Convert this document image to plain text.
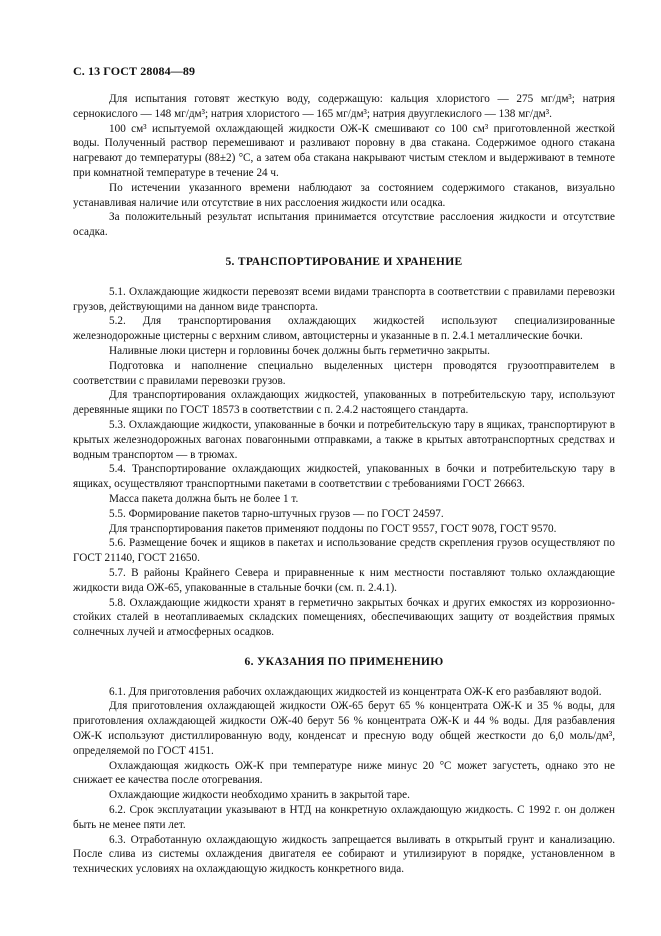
С. 13 ГОСТ 28084—89

Для испытания готовят жесткую воду, содержащую: кальция хлористого — 275 мг/дм³; натрия сернокислого — 148 мг/дм³; натрия хлористого — 165 мг/дм³; натрия двууглекислого — 138 мг/дм³.

100 см³ испытуемой охлаждающей жидкости ОЖ-К смешивают со 100 см³ приготовленной жесткой воды. Полученный раствор перемешивают и разливают поровну в два стакана. Содержимое одного стакана нагревают до температуры (88±2) °С, а затем оба стакана накрывают чистым стеклом и выдерживают в темноте при комнатной температуре в течение 24 ч.

По истечении указанного времени наблюдают за состоянием содержимого стаканов, визуально устанавливая наличие или отсутствие в них расслоения жидкости или осадка.

За положительный результат испытания принимается отсутствие расслоения жидкости и отсутствие осадка.

5. ТРАНСПОРТИРОВАНИЕ И ХРАНЕНИЕ

5.1. Охлаждающие жидкости перевозят всеми видами транспорта в соответствии с правилами перевозки грузов, действующими на данном виде транспорта.

5.2. Для транспортирования охлаждающих жидкостей используют специализированные железнодорожные цистерны с верхним сливом, автоцистерны и указанные в п. 2.4.1 металлические бочки.

Наливные люки цистерн и горловины бочек должны быть герметично закрыты.

Подготовка и наполнение специально выделенных цистерн проводятся грузоотправителем в соответствии с правилами перевозки грузов.

Для транспортирования охлаждающих жидкостей, упакованных в потребительскую тару, используют деревянные ящики по ГОСТ 18573 в соответствии с п. 2.4.2 настоящего стандарта.

5.3. Охлаждающие жидкости, упакованные в бочки и потребительскую тару в ящиках, транспортируют в крытых железнодорожных вагонах повагонными отправками, а также в крытых автотранспортных средствах и водным транспортом — в трюмах.

5.4. Транспортирование охлаждающих жидкостей, упакованных в бочки и потребительскую тару в ящиках, осуществляют транспортными пакетами в соответствии с требованиями ГОСТ 26663.

Масса пакета должна быть не более 1 т.

5.5. Формирование пакетов тарно-штучных грузов — по ГОСТ 24597.

Для транспортирования пакетов применяют поддоны по ГОСТ 9557, ГОСТ 9078, ГОСТ 9570.

5.6. Размещение бочек и ящиков в пакетах и использование средств скрепления грузов осуществляют по ГОСТ 21140, ГОСТ 21650.

5.7. В районы Крайнего Севера и приравненные к ним местности поставляют только охлаждающие жидкости вида ОЖ-65, упакованные в стальные бочки (см. п. 2.4.1).

5.8. Охлаждающие жидкости хранят в герметично закрытых бочках и других емкостях из коррозионно-стойких сталей в неотапливаемых складских помещениях, обеспечивающих защиту от воздействия прямых солнечных лучей и атмосферных осадков.

6. УКАЗАНИЯ ПО ПРИМЕНЕНИЮ

6.1. Для приготовления рабочих охлаждающих жидкостей из концентрата ОЖ-К его разбавляют водой.

Для приготовления охлаждающей жидкости ОЖ-65 берут 65 % концентрата ОЖ-К и 35 % воды, для приготовления охлаждающей жидкости ОЖ-40 берут 56 % концентрата ОЖ-К и 44 % воды. Для разбавления ОЖ-К используют дистиллированную воду, конденсат и пресную воду общей жесткости до 6,0 моль/дм³, определяемой по ГОСТ 4151.

Охлаждающая жидкость ОЖ-К при температуре ниже минус 20 °С может загустеть, однако это не снижает ее качества после отогревания.

Охлаждающие жидкости необходимо хранить в закрытой таре.

6.2. Срок эксплуатации указывают в НТД на конкретную охлаждающую жидкость. С 1992 г. он должен быть не менее пяти лет.

6.3. Отработанную охлаждающую жидкость запрещается выливать в открытый грунт и канализацию. После слива из системы охлаждения двигателя ее собирают и утилизируют в порядке, установленном в технических условиях на охлаждающую жидкость конкретного вида.
